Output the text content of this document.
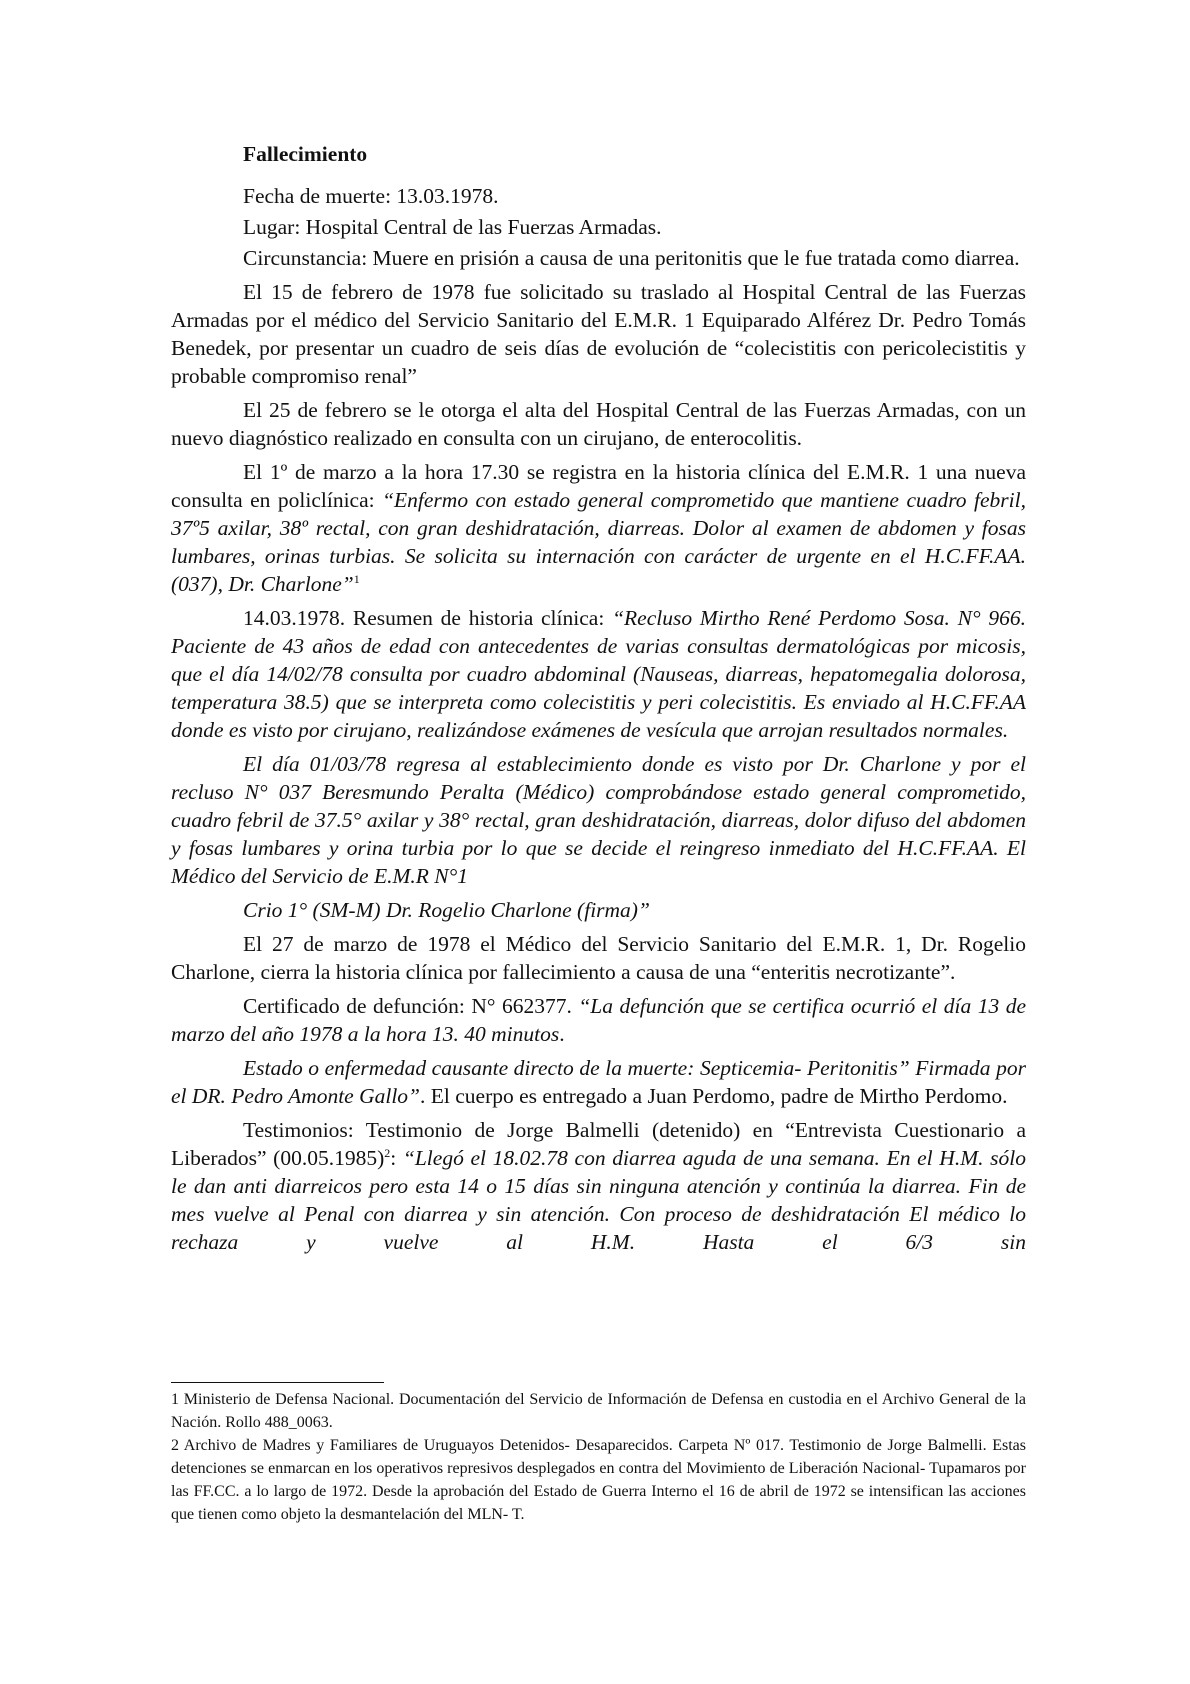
Fallecimiento

Fecha de muerte: 13.03.1978.

Lugar: Hospital Central de las Fuerzas Armadas.

Circunstancia: Muere en prisión a causa de una peritonitis que le fue tratada como diarrea.

El 15 de febrero de 1978 fue solicitado su traslado al Hospital Central de las Fuerzas Armadas por el médico del Servicio Sanitario del E.M.R. 1 Equiparado Alférez Dr. Pedro Tomás Benedek, por presentar un cuadro de seis días de evolución de “colecistitis con pericolecistitis y probable compromiso renal”

El 25 de febrero se le otorga el alta del Hospital Central de las Fuerzas Armadas, con un nuevo diagnóstico realizado en consulta con un cirujano, de enterocolitis.

El 1º de marzo a la hora 17.30 se registra en la historia clínica del E.M.R. 1 una nueva consulta en policlínica: “Enfermo con estado general comprometido que mantiene cuadro febril, 37º5 axilar, 38º rectal, con gran deshidratación, diarreas. Dolor al examen de abdomen y fosas lumbares, orinas turbias. Se solicita su internación con carácter de urgente en el H.C.FF.AA. (037), Dr. Charlone”$^1$

14.03.1978. Resumen de historia clínica: “Recluso Mirtho René Perdomo Sosa. N° 966. Paciente de 43 años de edad con antecedentes de varias consultas dermatológicas por micosis, que el día 14/02/78 consulta por cuadro abdominal (Nauseas, diarreas, hepatomegalia dolorosa, temperatura 38.5) que se interpreta como colecistitis y peri colecistitis. Es enviado al H.C.FF.AA donde es visto por cirujano, realizándose exámenes de vesícula que arrojan resultados normales.

El día 01/03/78 regresa al establecimiento donde es visto por Dr. Charlone y por el recluso N° 037 Beresmundo Peralta (Médico) comprobándose estado general comprometido, cuadro febril de 37.5° axilar y 38° rectal, gran deshidratación, diarreas, dolor difuso del abdomen y fosas lumbares y orina turbia por lo que se decide el reingreso inmediato del H.C.FF.AA. El Médico del Servicio de E.M.R N°1

Crio 1° (SM-M) Dr. Rogelio Charlone (firma)”

El 27 de marzo de 1978 el Médico del Servicio Sanitario del E.M.R. 1, Dr. Rogelio Charlone, cierra la historia clínica por fallecimiento a causa de una “enteritis necrotizante”.

Certificado de defunción: N° 662377. “La defunción que se certifica ocurrió el día 13 de marzo del año 1978 a la hora 13. 40 minutos.

Estado o enfermedad causante directo de la muerte: Septicemia- Peritonitis” Firmada por el DR. Pedro Amonte Gallo”. El cuerpo es entregado a Juan Perdomo, padre de Mirtho Perdomo.

Testimonios: Testimonio de Jorge Balmelli (detenido) en “Entrevista Cuestionario a Liberados” $(00.05.1985)^2$: “Llegó el 18.02.78 con diarrea aguda de una semana. En el H.M. sólo le dan anti diarreicos pero esta 14 o 15 días sin ninguna atención y continúa la diarrea. Fin de mes vuelve al Penal con diarrea y sin atención. Con proceso de deshidratación El médico lo rechaza y vuelve al H.M. Hasta el 6/3 sin

1 Ministerio de Defensa Nacional. Documentación del Servicio de Información de Defensa en custodia en el Archivo General de la Nación. Rollo 488_0063.

2 Archivo de Madres y Familiares de Uruguayos Detenidos- Desaparecidos. Carpeta Nº 017. Testimonio de Jorge Balmelli. Estas detenciones se enmarcan en los operativos represivos desplegados en contra del Movimiento de Liberación Nacional- Tupamaros por las FF.CC. a lo largo de 1972. Desde la aprobación del Estado de Guerra Interno el 16 de abril de 1972 se intensifican las acciones que tienen como objeto la desmantelación del MLN- T.
